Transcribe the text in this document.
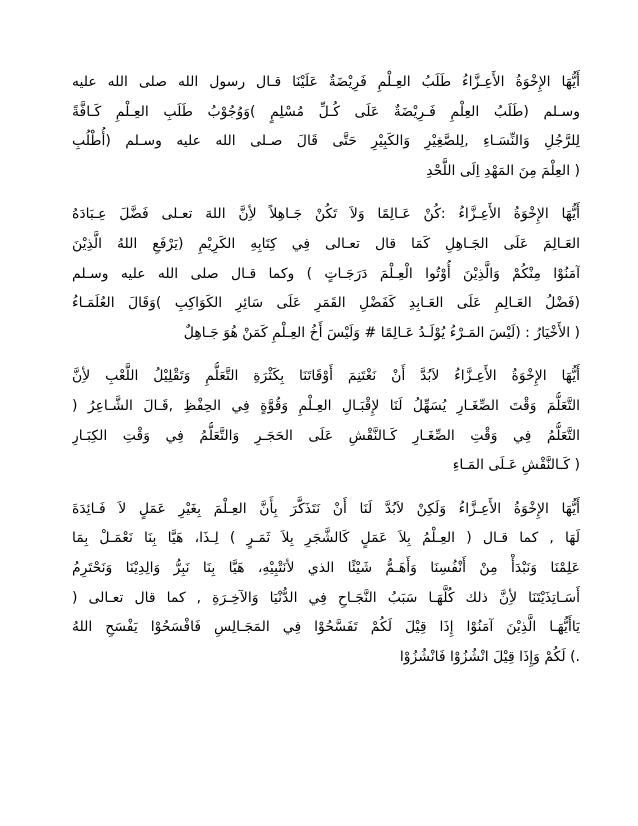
أَيُّهَا الإِخْوَةُ الأَعِـزَّاءُ طَلَبُ العِـلْمِ فَرِيْضَةٌ عَلَيْنَا قـال رسول الله صلى الله عليه
وسـلم (طَلَبُ العِلْمِ فَـرِيْضَةٌ عَلَى كُـلِّ مُسْلِمٍ )وَوُجُوْبُ طَلَبِ العِـلْمِ كَـافَّةً
لِلرَّجُلِ وَالنِّسَـاءِ ,لِلصَّغِيْرِ وَالكَبِيْرِ حَتَّى قَالَ صـلى الله عليه وسـلم (أُطْلُبِ
( العِلْمَ مِنَ المَهْدِ اِلَى اللَّحْدِ
أَيُّهَا الإِخْوَةُ الأَعِـزَّاءُ :كُنْ عَـالِمًا وَلاَ تَكُنْ جَـاهِلاً لأِنَّ اللهَ تعـلى فَضَّلَ عِـبَادَهُ
العَـالِمَ عَلَى الجَـاهِلِ كَمَا قال تعـالى فِي كِتَابِهِ الكَرِيْمِ (يَرْفَعِ اللهُ الَّذِيْنَ
آمَنُوْا مِنْكُمْ وَالَّذِيْنَ أُوْتُوا الْعِـلْمَ دَرَجَـاتٍ ) وكما قـال صلى الله عليه وسـلم
(فَضْلُ العَـالِمِ عَلَى العَـابِدِ كَفَضْلِ القَمَرِ عَلَى سَائِرِ الكَوَاكِبِ )وَقَالَ العُلَمَـاءُ
( الأَخْيَارُ : (لَيْسَ المَـرْءُ يُوْلَـدُ عَـالِمًا # وَلَيْسَ أَخُ العِـلْمِ كَمَنْ هُوَ جَـاهِلٌ
أَيُّهَا الإِخْوَةُ الأَعِـزَّاءُ لاَبُدَّ أَنْ نَغْتَنِمَ أَوْقَاتَنَا بِكَثْرَةِ التَّعَلُّمِ وَتَقْلِيْلُ اللَّعْبِ لأِنَّ
التَّعَلُّمَ وَقْتَ الصِّغَـارِ يُسَهِّلُ لَنَا لإِقْبَـالِ العِـلْمِ وَقُوَّةٍ فِي الحِفْظِ ,قَـالَ الشَّـاعِرُ (
التَّعَلُّمُ فِي وَقْتِ الصِّغَـارِ كَـالنَّقْشِ عَلَى الحَجَـرِ وَالتَّعَلُّمُ فِي وَقْتِ الكِبَـارِ
( كَـالنَّقْشِ عَـلَى المَـاءِ
أَيُّهَا الإِخْوَةُ الأَعِـزَّاءُ وَلَكِنْ لاَبُدَّ لَنَا أَنْ نَتَذَكَّرَ بِأَنَّ العِـلْمَ بِغَيْرِ عَمَلٍ لاَ فَـائِدَةَ
لَهَا , كما قـال ( العِـلْمُ بِلاَ عَمَلٍ كَالشَّجَرِ بِلاَ ثَمَـرٍ ) لِـذَا، هَيَّا بِنَا نَعْمَـلْ بِمَا
عَلِمْنَا وَنَبْدَأْ مِنْ أَنْفُسِنَا وَأَهَـمُّ شَيْئًا الذي لأنَتْبِيْهِ، هَيَّا بِنَا نَبِرُّ وَالِدِيْنَا وَنَحْتَرِمُ
أَسَـاتِذَيْتَنَا لأِنَّ ذلك كُلَّهَـا سَبَبُ النَّجَـاحِ فِي الدُّنْيَا وَالآخِـرَةِ , كما قال تعـالى (
يَاأَيُّهَـا الَّذِيْنَ آمَنُوْا إِذَا قِيْلَ لَكُمْ تَفَسَّحُوْا فِي المَجَـالِسِ فَافْسَحُوْا يَفْسَحِ اللهُ
.) لَكُمْ وَإِذَا قِيْلَ انْشُزُوْا فَانْشُزُوْا
